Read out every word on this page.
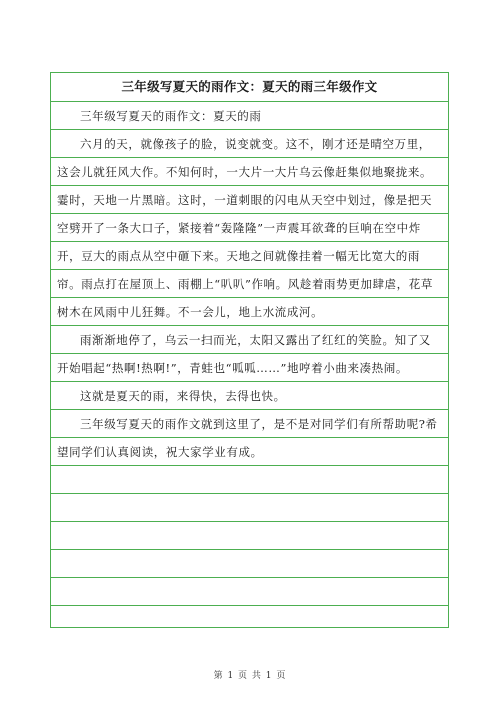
三年级写夏天的雨作文：夏天的雨三年级作文

三年级写夏天的雨作文：夏天的雨

六月的天，就像孩子的脸，说变就变。这不，刚才还是晴空万里，这会儿就狂风大作。不知何时，一大片一大片乌云像赶集似地聚拢来。霎时，天地一片黑暗。这时，一道刺眼的闪电从天空中划过，像是把天空劈开了一条大口子，紧接着“轰隆隆”一声震耳欲聋的巨响在空中炸开，豆大的雨点从空中砸下来。天地之间就像挂着一幅无比宽大的雨帘。雨点打在屋顶上、雨棚上“叭叭”作响。风趁着雨势更加肆虐，花草树木在风雨中儿狂舞。不一会儿，地上水流成河。

雨渐渐地停了，乌云一扫而光，太阳又露出了红红的笑脸。知了又开始唱起“热啊!热啊!”，青蛙也“呱呱……”地哼着小曲来凑热闹。

这就是夏天的雨，来得快，去得也快。

三年级写夏天的雨作文就到这里了，是不是对同学们有所帮助呢?希望同学们认真阅读，祝大家学业有成。

第 1 页 共 1 页
